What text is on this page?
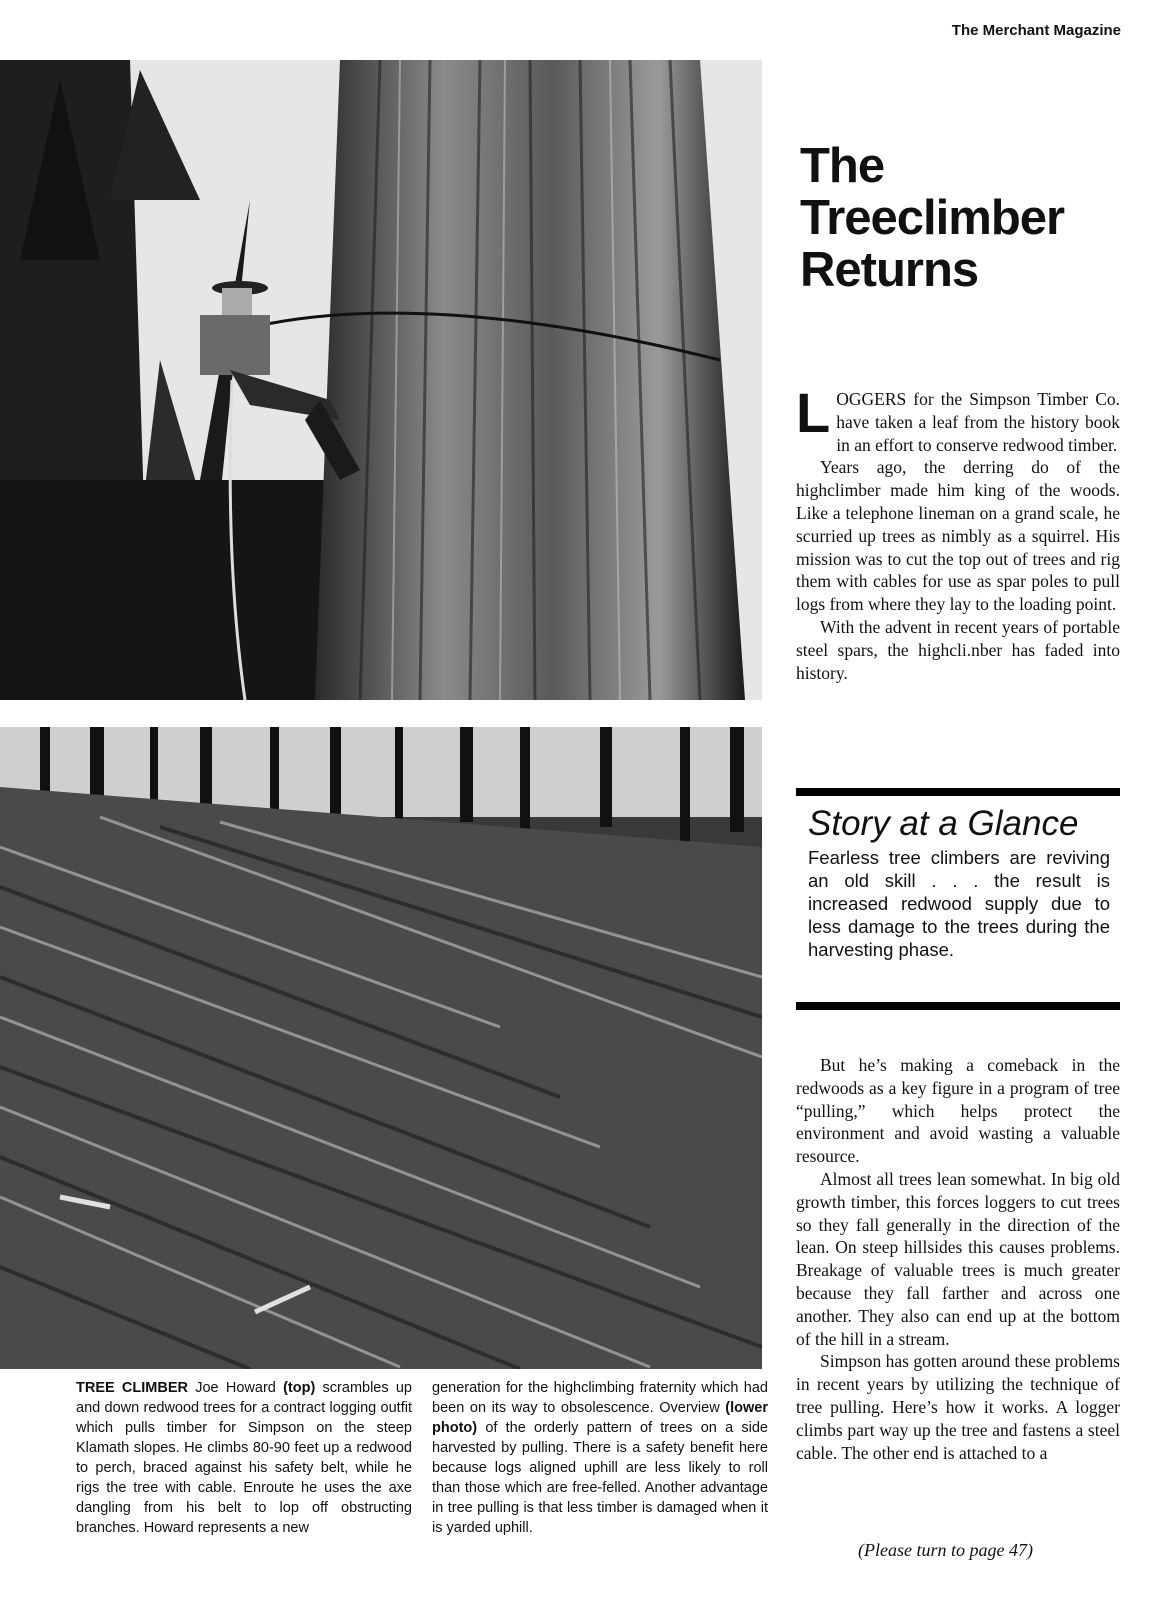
The Merchant Magazine
TREE CLIMBER Joe Howard (top) scrambles up and down redwood trees for a contract logging outfit which pulls timber for Simpson on the steep Klamath slopes. He climbs 80-90 feet up a redwood to perch, braced against his safety belt, while he rigs the tree with cable. Enroute he uses the axe dangling from his belt to lop off obstructing branches. Howard represents a new
generation for the highclimbing fraternity which had been on its way to obsolescence. Overview (lower photo) of the orderly pattern of trees on a side harvested by pulling. There is a safety benefit here because logs aligned uphill are less likely to roll than those which are free-felled. Another advantage in tree pulling is that less timber is damaged when it is yarded uphill.
The
Treeclimber
Returns

LOGGERS for the Simpson Timber Co. have taken a leaf from the history book in an effort to conserve redwood timber.

Years ago, the derring do of the highclimber made him king of the woods. Like a telephone lineman on a grand scale, he scurried up trees as nimbly as a squirrel. His mission was to cut the top out of trees and rig them with cables for use as spar poles to pull logs from where they lay to the loading point.

With the advent in recent years of portable steel spars, the highcli.nber has faded into history.

Story at a Glance
Fearless tree climbers are reviving an old skill . . . the result is increased redwood supply due to less damage to the trees during the harvesting phase.

But he’s making a comeback in the redwoods as a key figure in a program of tree “pulling,” which helps protect the environment and avoid wasting a valuable resource.

Almost all trees lean somewhat. In big old growth timber, this forces loggers to cut trees so they fall generally in the direction of the lean. On steep hillsides this causes problems. Breakage of valuable trees is much greater because they fall farther and across one another. They also can end up at the bottom of the hill in a stream.

Simpson has gotten around these problems in recent years by utilizing the technique of tree pulling. Here’s how it works. A logger climbs part way up the tree and fastens a steel cable. The other end is attached to a

(Please turn to page 47)
